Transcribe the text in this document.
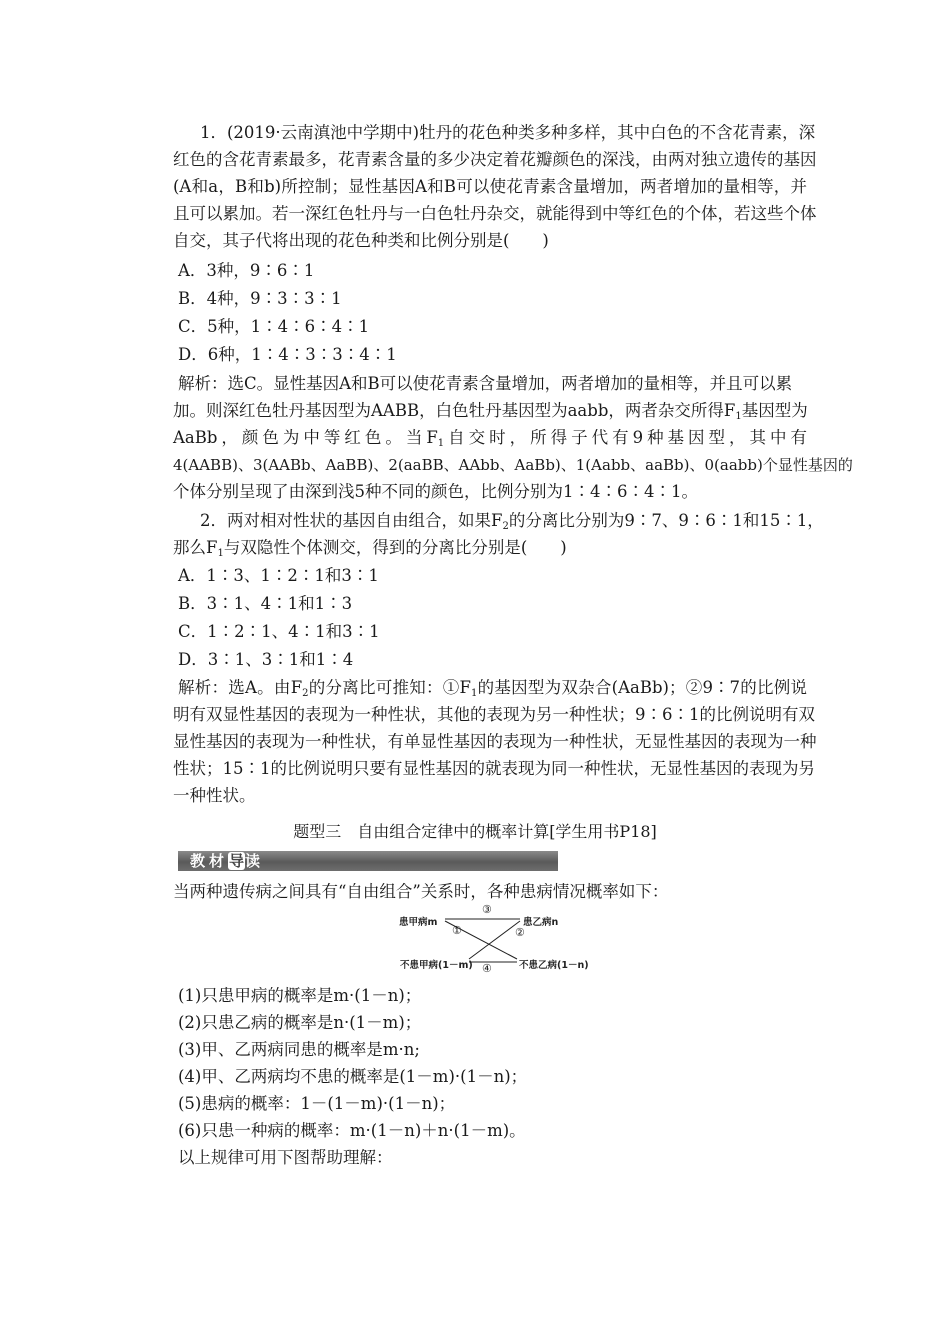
1．(2019·云南滇池中学期中)牡丹的花色种类多种多样，其中白色的不含花青素，深
红色的含花青素最多，花青素含量的多少决定着花瓣颜色的深浅，由两对独立遗传的基因
(A和a，B和b)所控制；显性基因A和B可以使花青素含量增加，两者增加的量相等，并
且可以累加。若一深红色牡丹与一白色牡丹杂交，就能得到中等红色的个体，若这些个体
自交，其子代将出现的花色种类和比例分别是(　　)
A．3种，9∶6∶1
B．4种，9∶3∶3∶1
C．5种，1∶4∶6∶4∶1
D．6种，1∶4∶3∶3∶4∶1
解析：选C。显性基因A和B可以使花青素含量增加，两者增加的量相等，并且可以累
加。则深红色牡丹基因型为AABB，白色牡丹基因型为aabb，两者杂交所得$F_1$基因型为
AaBb，颜色为中等红色。当$F_1$自交时，所得子代有9种基因型，其中有
4(AABB)、3(AABb、AaBB)、2(aaBB、AAbb、AaBb)、1(Aabb、aaBb)、0(aabb)个显性基因的
个体分别呈现了由深到浅5种不同的颜色，比例分别为1∶4∶6∶4∶1。
2．两对相对性状的基因自由组合，如果$F_2$的分离比分别为9∶7、9∶6∶1和15∶1，
那么$F_1$与双隐性个体测交，得到的分离比分别是(　　)
A．1∶3、1∶2∶1和3∶1
B．3∶1、4∶1和1∶3
C．1∶2∶1、4∶1和3∶1
D．3∶1、3∶1和1∶4
解析：选A。由$F_2$的分离比可推知：$①F_1$的基因型为双杂合(AaBb)；②9∶7的比例说
明有双显性基因的表现为一种性状，其他的表现为另一种性状；9∶6∶1的比例说明有双
显性基因的表现为一种性状，有单显性基因的表现为一种性状，无显性基因的表现为一种
性状；15∶1的比例说明只要有显性基因的就表现为同一种性状，无显性基因的表现为另
一种性状。
题型三　自由组合定律中的概率计算[学生用书P18]
教材导读
当两种遗传病之间具有“自由组合”关系时，各种患病情况概率如下：
患甲病m	患乙病n
不患甲病(1－m)	不患乙病(1－n)
③
①	②
④
(1)只患甲病的概率是m·(1－n)；
(2)只患乙病的概率是n·(1－m)；
(3)甲、乙两病同患的概率是m·n;
(4)甲、乙两病均不患的概率是(1－m)·(1－n)；
(5)患病的概率：1－(1－m)·(1－n)；
(6)只患一种病的概率：m·(1－n)＋n·(1－m)。
以上规律可用下图帮助理解：
